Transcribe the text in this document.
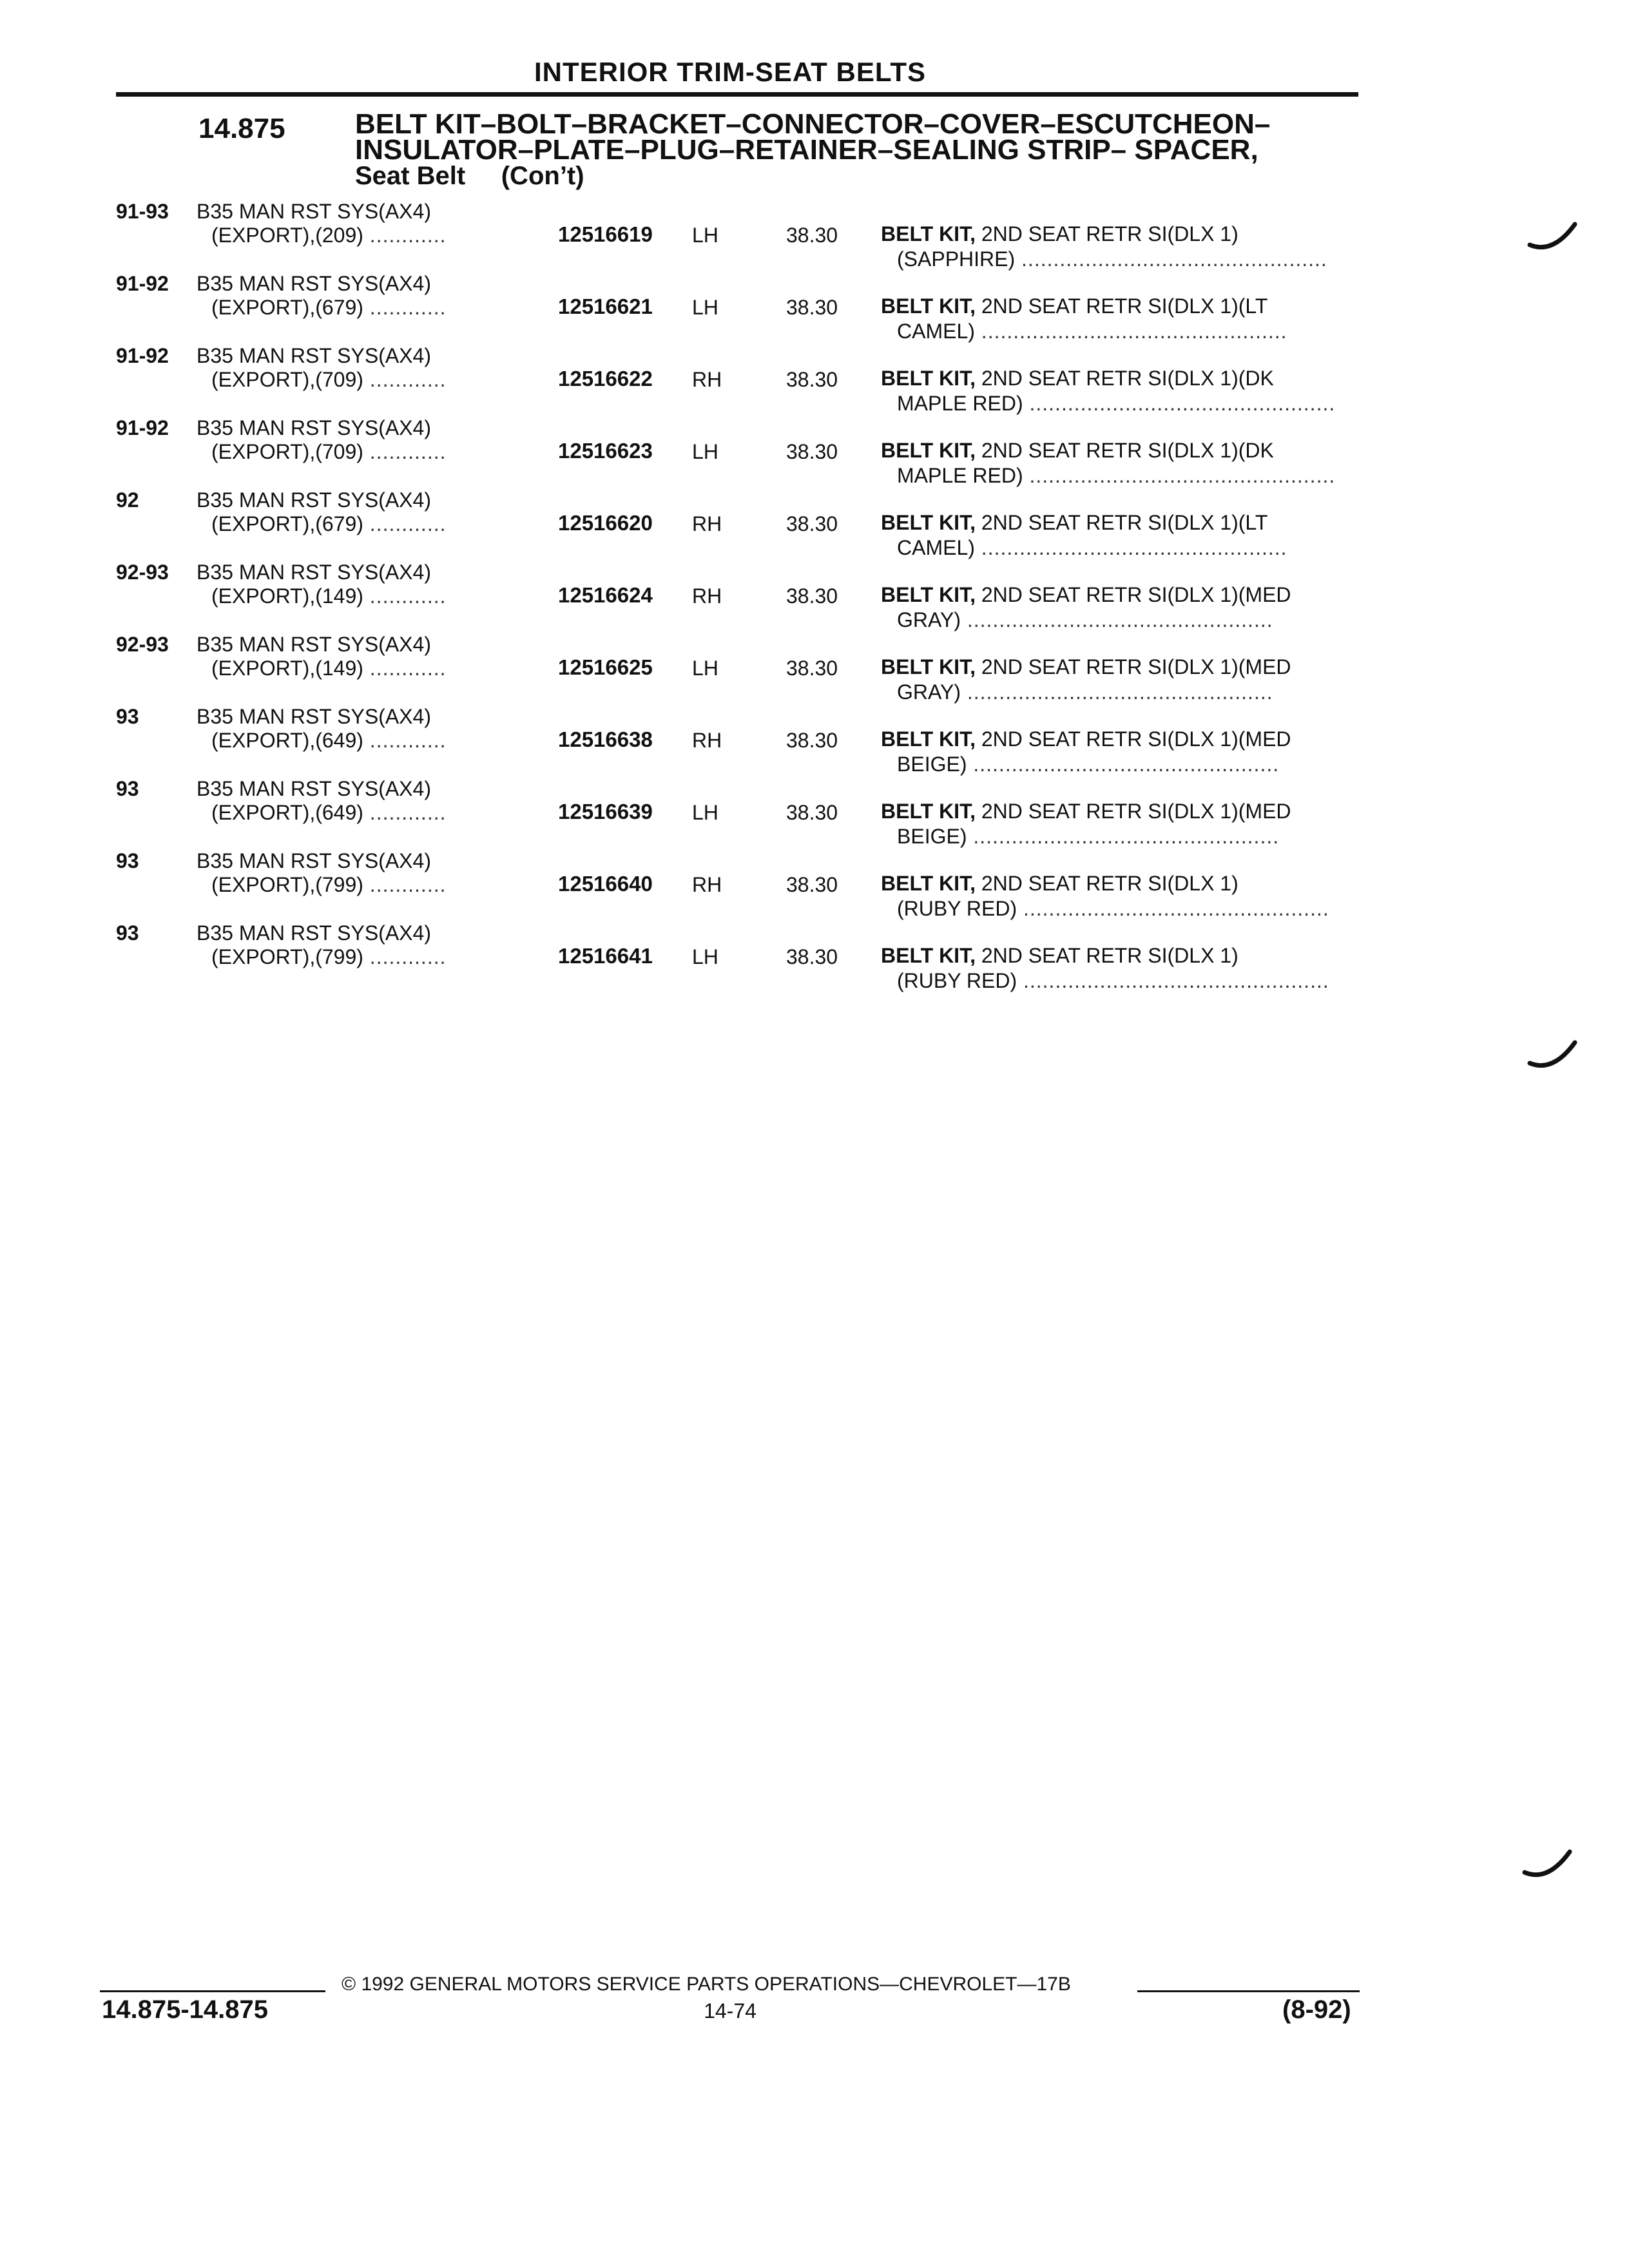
INTERIOR TRIM-SEAT BELTS
14.875 BELT KIT–BOLT–BRACKET–CONNECTOR–COVER–ESCUTCHEON–
INSULATOR–PLATE–PLUG–RETAINER–SEALING STRIP– SPACER,
Seat Belt     (Con’t)
91-93 B35 MAN RST SYS(AX4)
(EXPORT),(209) ............	12516619 LH	38.30 BELT KIT, 2ND SEAT RETR SI(DLX 1)
(SAPPHIRE) ................................................
91-92 B35 MAN RST SYS(AX4)
(EXPORT),(679) ............	12516621 LH	38.30 BELT KIT, 2ND SEAT RETR SI(DLX 1)(LT
CAMEL) ................................................
91-92 B35 MAN RST SYS(AX4)
(EXPORT),(709) ............	12516622 RH	38.30 BELT KIT, 2ND SEAT RETR SI(DLX 1)(DK
MAPLE RED) ................................................
91-92 B35 MAN RST SYS(AX4)
(EXPORT),(709) ............	12516623 LH	38.30 BELT KIT, 2ND SEAT RETR SI(DLX 1)(DK
MAPLE RED) ................................................
92	B35 MAN RST SYS(AX4)
(EXPORT),(679) ............	12516620 RH	38.30 BELT KIT, 2ND SEAT RETR SI(DLX 1)(LT
CAMEL) ................................................
92-93 B35 MAN RST SYS(AX4)
(EXPORT),(149) ............	12516624 RH	38.30 BELT KIT, 2ND SEAT RETR SI(DLX 1)(MED
GRAY) ................................................
92-93 B35 MAN RST SYS(AX4)
(EXPORT),(149) ............	12516625 LH	38.30 BELT KIT, 2ND SEAT RETR SI(DLX 1)(MED
GRAY) ................................................
93	B35 MAN RST SYS(AX4)
(EXPORT),(649) ............	12516638 RH	38.30 BELT KIT, 2ND SEAT RETR SI(DLX 1)(MED
BEIGE) ................................................
93	B35 MAN RST SYS(AX4)
(EXPORT),(649) ............	12516639 LH	38.30 BELT KIT, 2ND SEAT RETR SI(DLX 1)(MED
BEIGE) ................................................
93	B35 MAN RST SYS(AX4)
(EXPORT),(799) ............	12516640 RH	38.30 BELT KIT, 2ND SEAT RETR SI(DLX 1)
(RUBY RED) ................................................
93	B35 MAN RST SYS(AX4)
(EXPORT),(799) ............	12516641 LH	38.30 BELT KIT, 2ND SEAT RETR SI(DLX 1)
(RUBY RED) ................................................
© 1992 GENERAL MOTORS SERVICE PARTS OPERATIONS—CHEVROLET—17B
14.875-14.875	14-74	(8-92)
